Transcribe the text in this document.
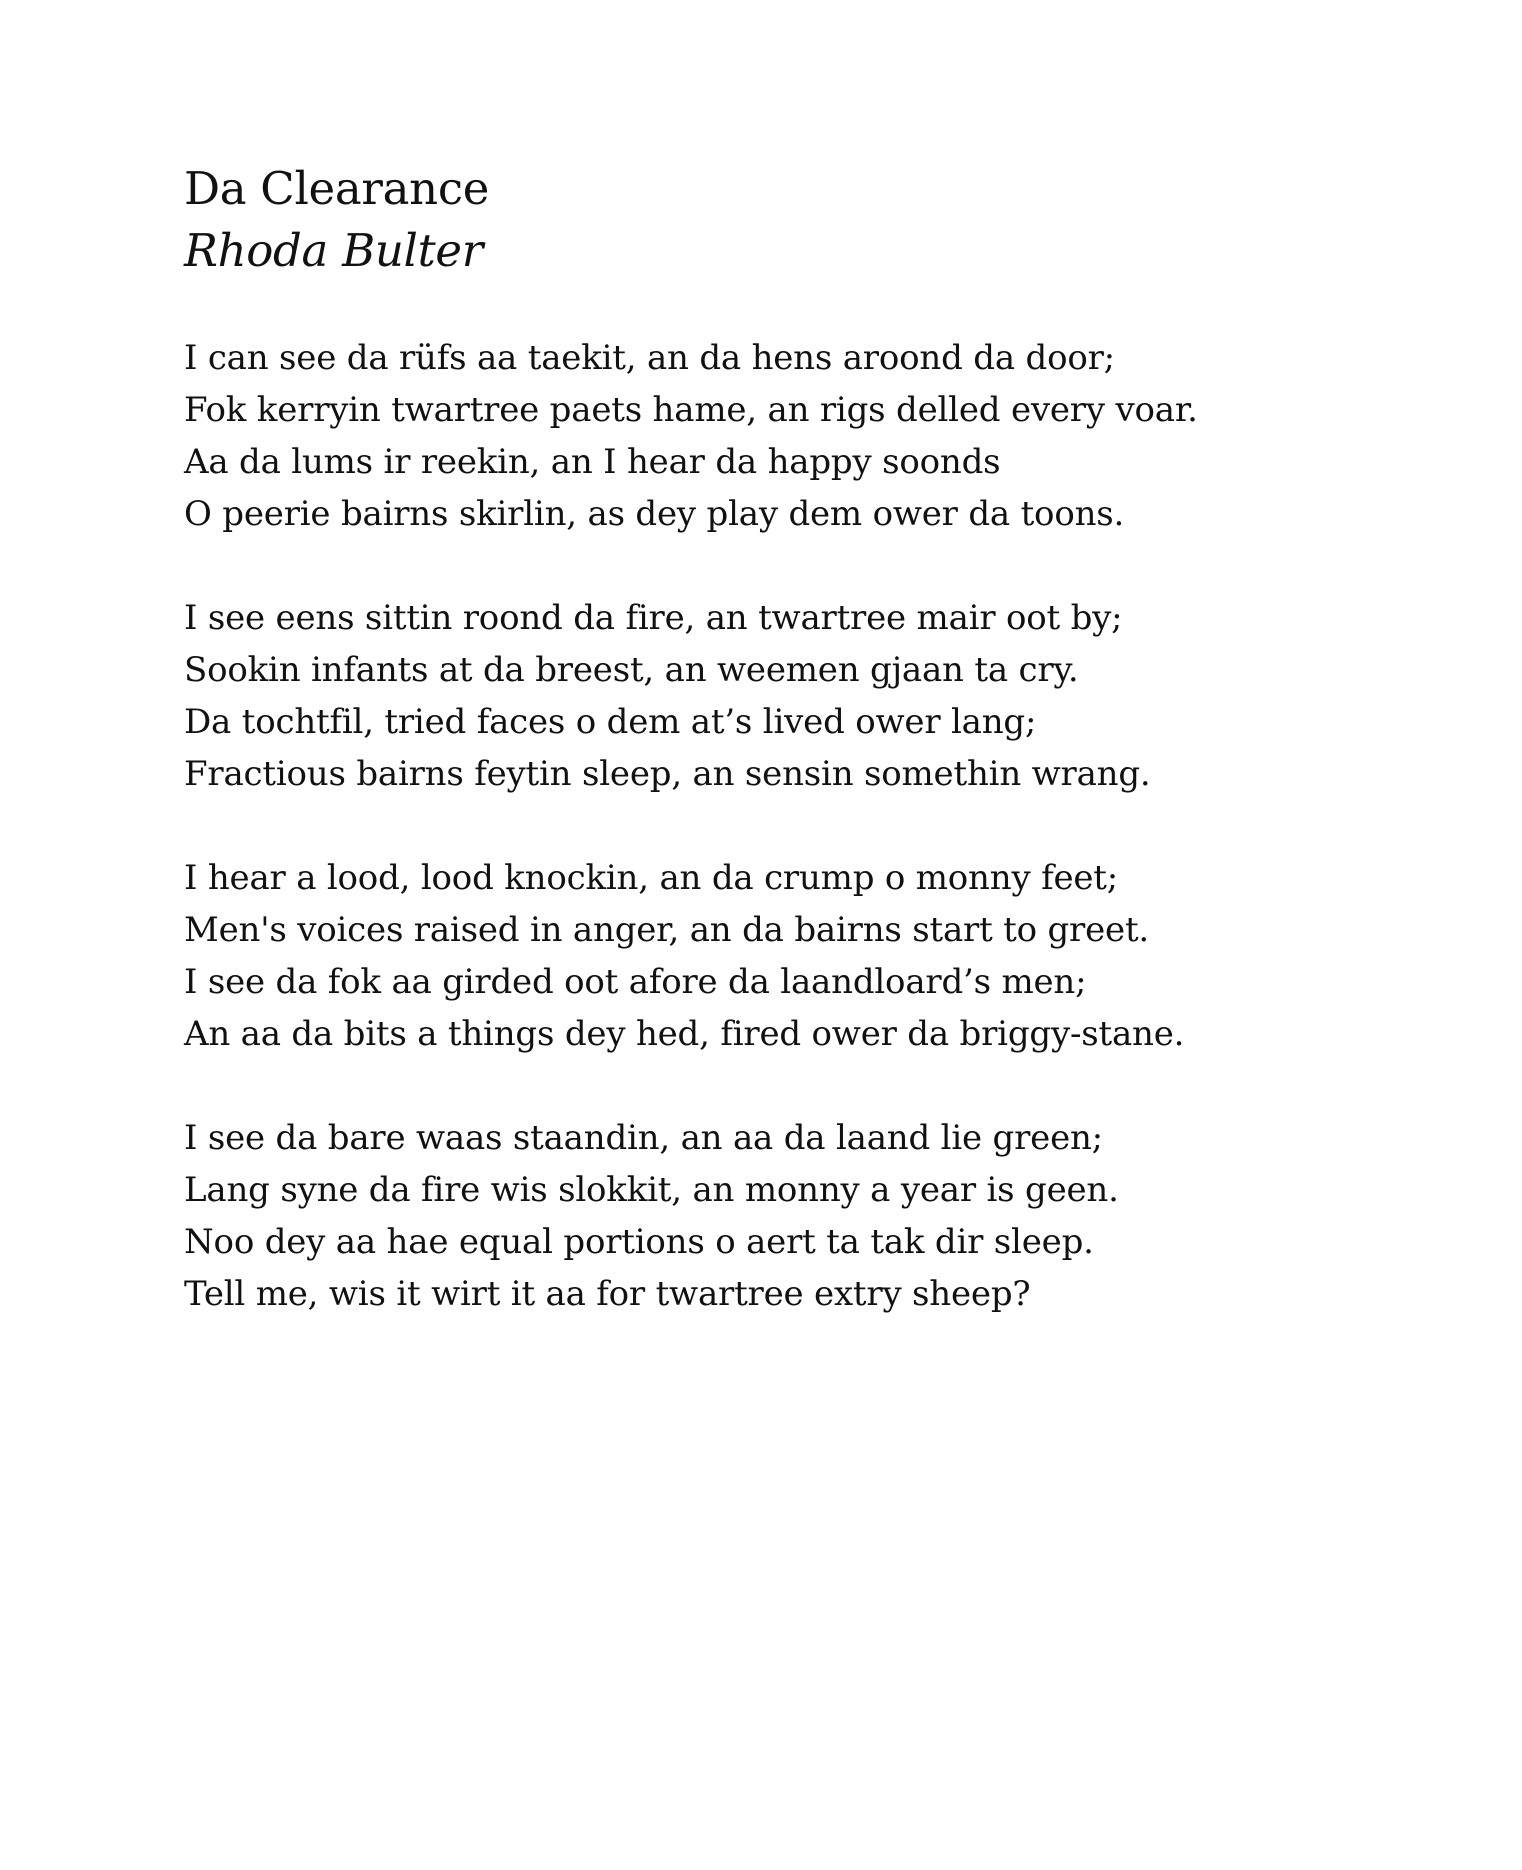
Da Clearance
Rhoda Bulter
I can see da rüfs aa taekit, an da hens aroond da door;
Fok kerryin twartree paets hame, an rigs delled every voar.
Aa da lums ir reekin, an I hear da happy soonds
O peerie bairns skirlin, as dey play dem ower da toons.
I see eens sittin roond da fire, an twartree mair oot by;
Sookin infants at da breest, an weemen gjaan ta cry.
Da tochtfil, tried faces o dem at’s lived ower lang;
Fractious bairns feytin sleep, an sensin somethin wrang.
I hear a lood, lood knockin, an da crump o monny feet;
Men's voices raised in anger, an da bairns start to greet.
I see da fok aa girded oot afore da laandloard’s men;
An aa da bits a things dey hed, fired ower da briggy-stane.
I see da bare waas staandin, an aa da laand lie green;
Lang syne da fire wis slokkit, an monny a year is geen.
Noo dey aa hae equal portions o aert ta tak dir sleep.
Tell me, wis it wirt it aa for twartree extry sheep?
